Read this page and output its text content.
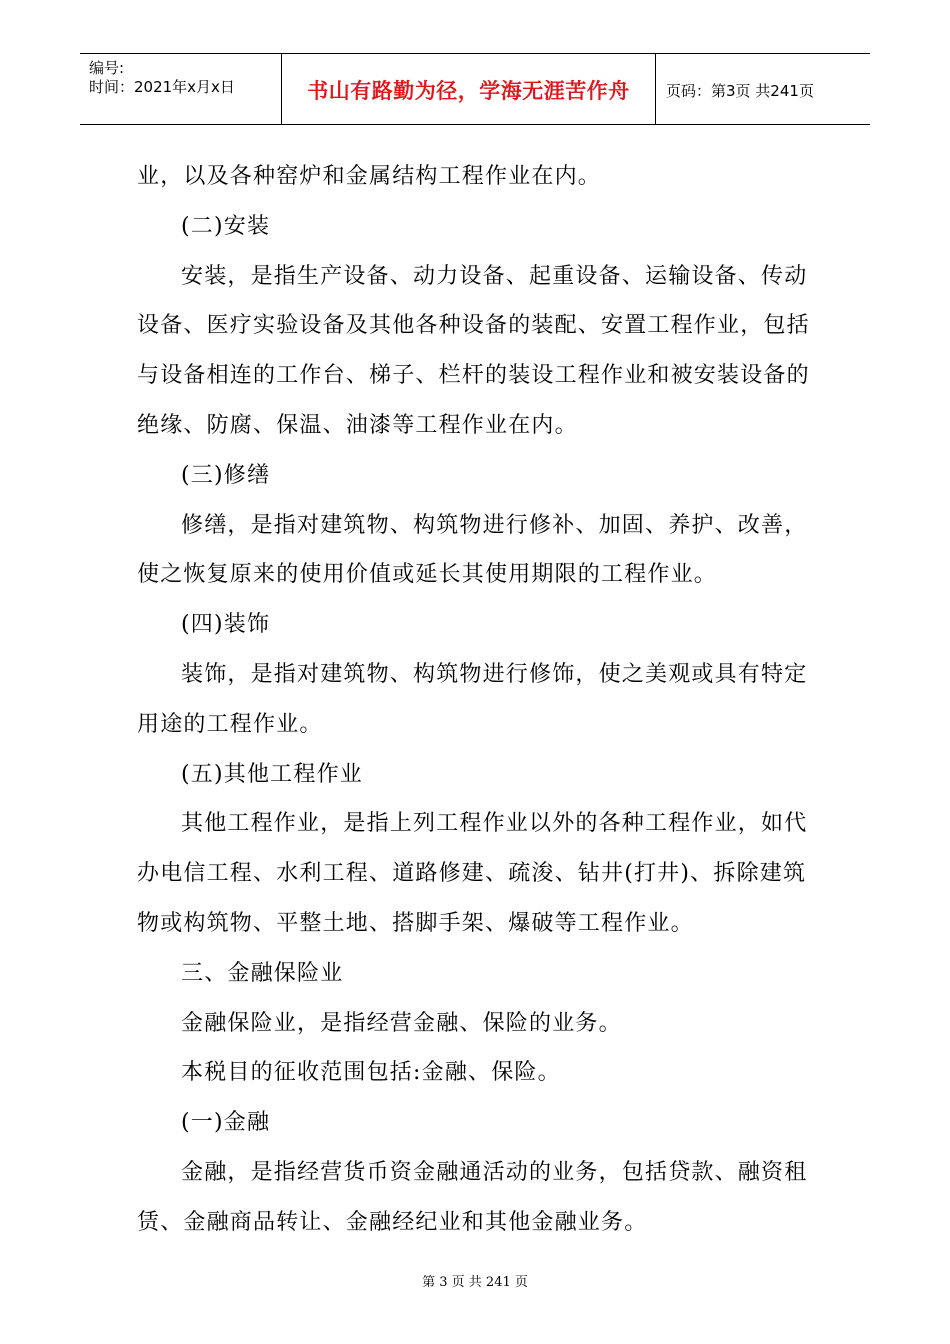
编号:
时间：2021年x月x日	书山有路勤为径，学海无涯苦作舟	页码：第3页 共241页

业，以及各种窑炉和金属结构工程作业在内。

(二)安装

安装，是指生产设备、动力设备、起重设备、运输设备、传动设备、医疗实验设备及其他各种设备的装配、安置工程作业，包括与设备相连的工作台、梯子、栏杆的装设工程作业和被安装设备的绝缘、防腐、保温、油漆等工程作业在内。

(三)修缮

修缮，是指对建筑物、构筑物进行修补、加固、养护、改善，使之恢复原来的使用价值或延长其使用期限的工程作业。

(四)装饰

装饰，是指对建筑物、构筑物进行修饰，使之美观或具有特定用途的工程作业。

(五)其他工程作业

其他工程作业，是指上列工程作业以外的各种工程作业，如代办电信工程、水利工程、道路修建、疏浚、钻井(打井)、拆除建筑物或构筑物、平整土地、搭脚手架、爆破等工程作业。

三、金融保险业

金融保险业，是指经营金融、保险的业务。

本税目的征收范围包括:金融、保险。

(一)金融

金融，是指经营货币资金融通活动的业务，包括贷款、融资租赁、金融商品转让、金融经纪业和其他金融业务。

第 3 页 共 241 页
